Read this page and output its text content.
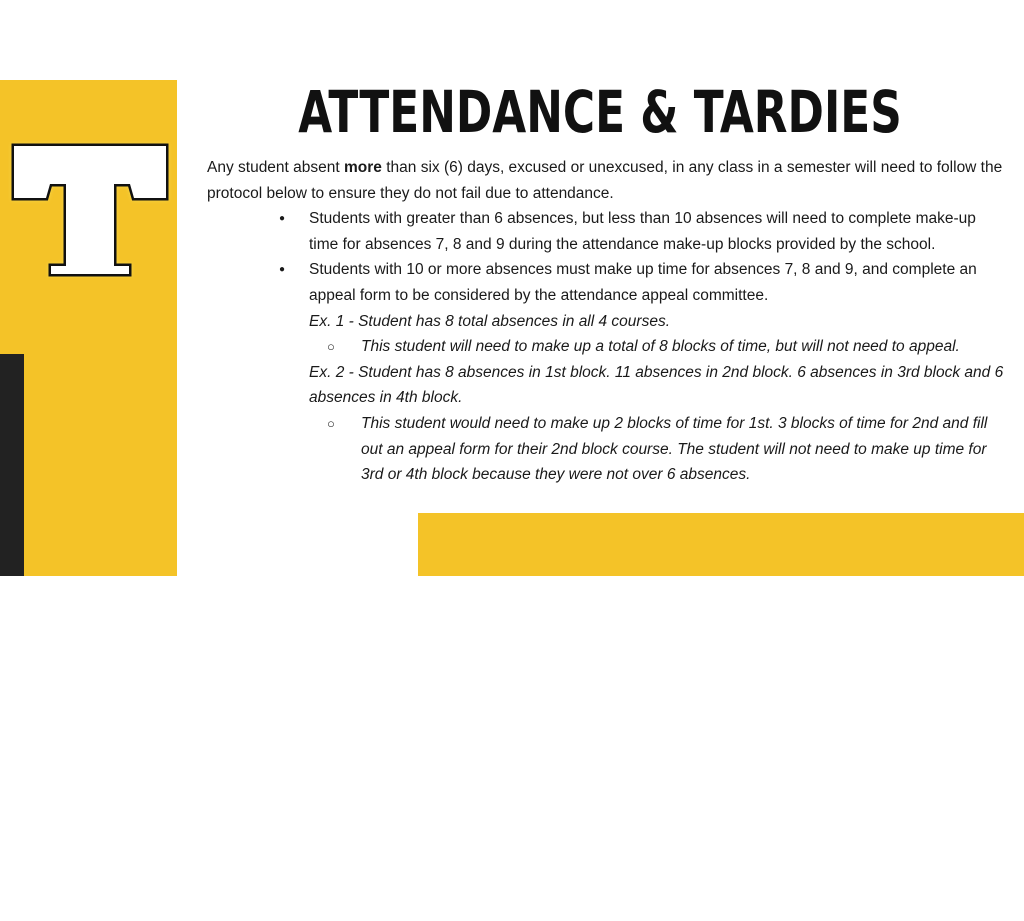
SLIDESMANIA.COM
T
ATTENDANCE & TARDIES

Any student absent more than six (6) days, excused or unexcused, in any class in a semester will need to follow the protocol below to ensure they do not fail due to attendance.

● Students with greater than 6 absences, but less than 10 absences will need to complete make-up time for absences 7, 8 and 9 during the attendance make-up blocks provided by the school.
● Students with 10 or more absences must make up time for absences 7, 8 and 9, and complete an appeal form to be considered by the attendance appeal committee.
Ex. 1 - Student has 8 total absences in all 4 courses.
○ This student will need to make up a total of 8 blocks of time, but will not need to appeal.
Ex. 2 - Student has 8 absences in 1st block. 11 absences in 2nd block. 6 absences in 3rd block and 6 absences in 4th block.
○ This student would need to make up 2 blocks of time for 1st. 3 blocks of time for 2nd and fill out an appeal form for their 2nd block course. The student will not need to make up time for 3rd or 4th block because they were not over 6 absences.
